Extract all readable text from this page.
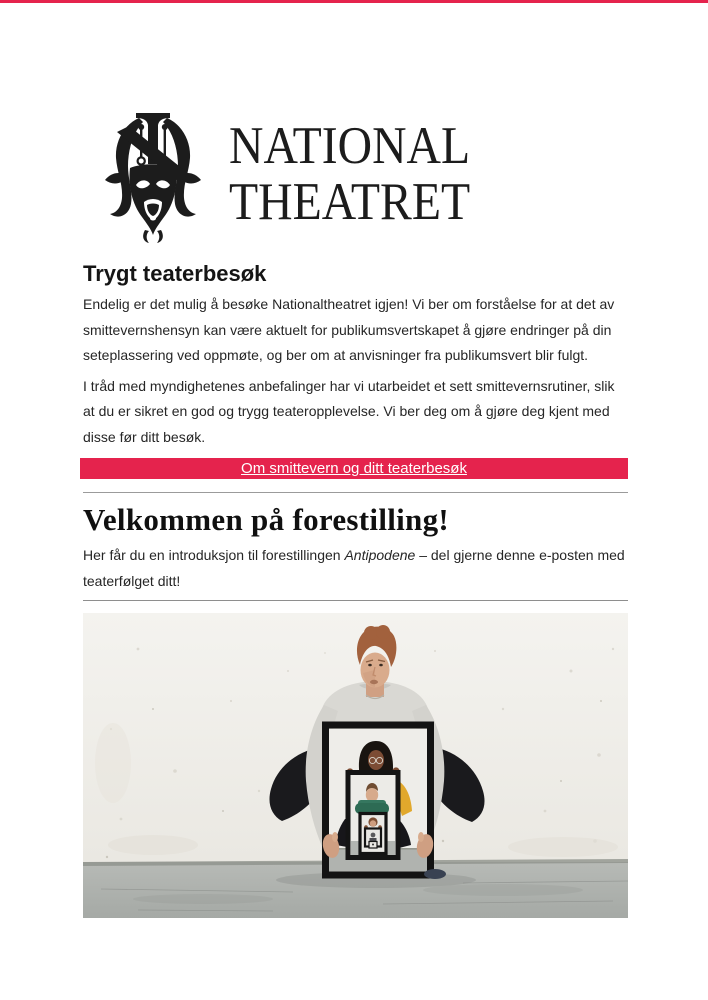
NATIONAL
THEATRET
Trygt teaterbesøk

Endelig er det mulig å besøke Nationaltheatret igjen! Vi ber om forståelse for at det av smittevernshensyn kan være aktuelt for publikumsvertskapet å gjøre endringer på din seteplassering ved oppmøte, og ber om at anvisninger fra publikumsvert blir fulgt.

I tråd med myndighetenes anbefalinger har vi utarbeidet et sett smittevernsrutiner, slik at du er sikret en god og trygg teateropplevelse. Vi ber deg om å gjøre deg kjent med disse før ditt besøk.

Om smittevern og ditt teaterbesøk
Velkommen på forestilling!

Her får du en introduksjon til forestillingen Antipodene – del gjerne denne e-posten med teaterfølget ditt!
